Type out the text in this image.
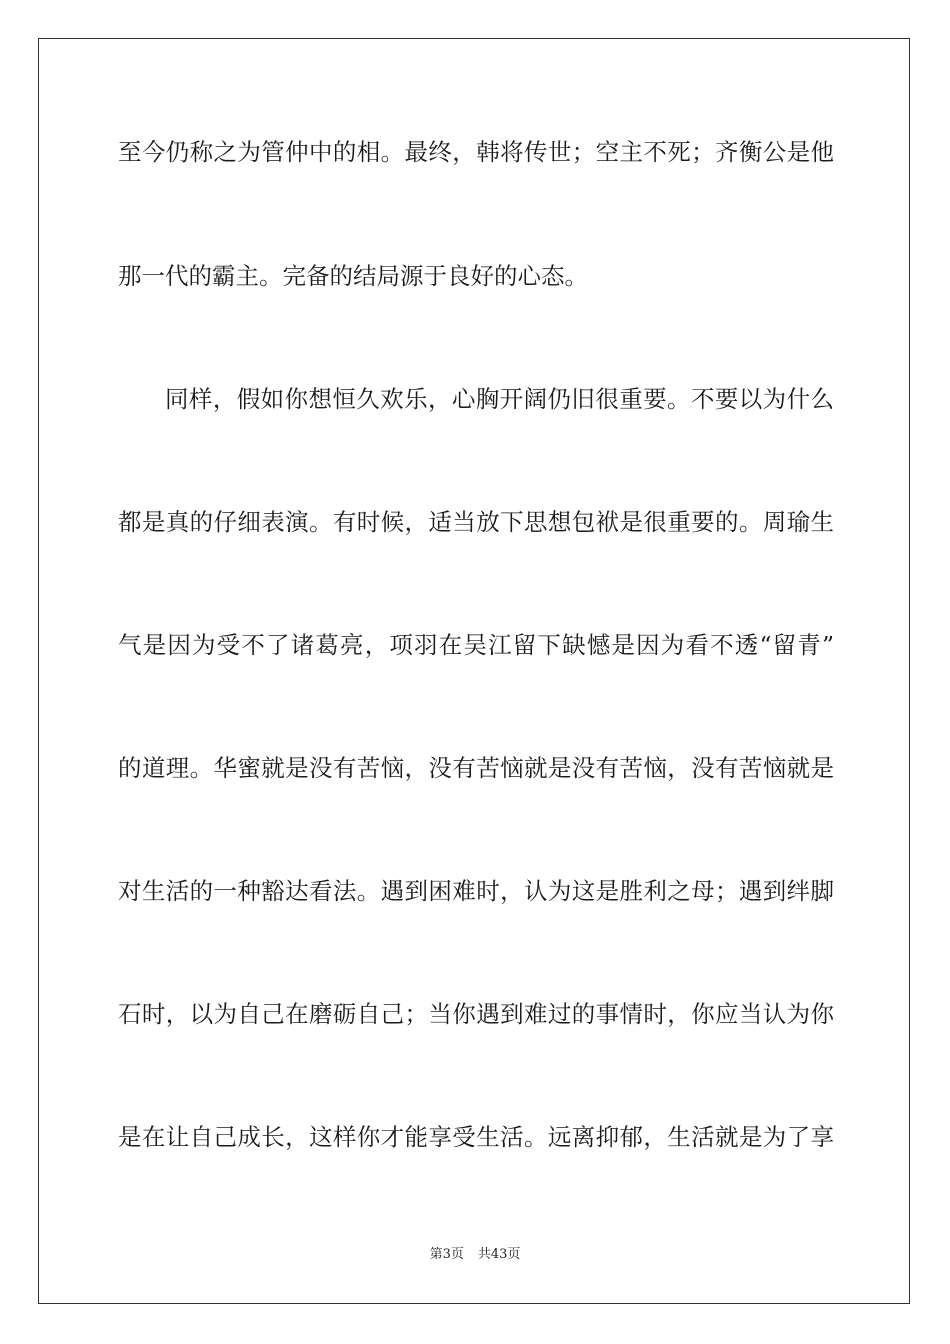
至今仍称之为管仲中的相。最终，韩将传世；空主不死；齐衡公是他
那一代的霸主。完备的结局源于良好的心态。
同样，假如你想恒久欢乐，心胸开阔仍旧很重要。不要以为什么
都是真的仔细表演。有时候，适当放下思想包袱是很重要的。周瑜生
气是因为受不了诸葛亮，项羽在吴江留下缺憾是因为看不透“留青”
的道理。华蜜就是没有苦恼，没有苦恼就是没有苦恼，没有苦恼就是
对生活的一种豁达看法。遇到困难时，认为这是胜利之母；遇到绊脚
石时，以为自己在磨砺自己；当你遇到难过的事情时，你应当认为你
是在让自己成长，这样你才能享受生活。远离抑郁，生活就是为了享
第3页 共43页
